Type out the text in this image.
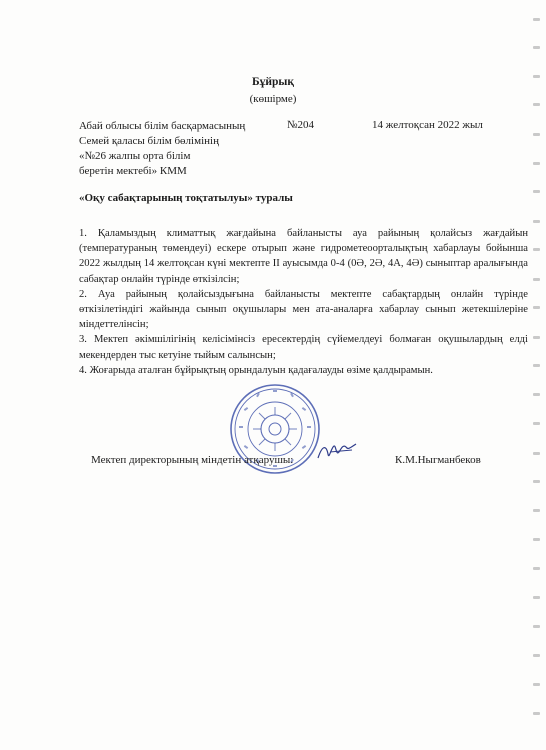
Бұйрық
(көшірме)
Абай облысы білім басқармасының
Семей қаласы білім бөлімінің
«№26 жалпы орта білім
беретін мектебі» КММ
№204	14 желтоқсан 2022 жыл
«Оқу сабақтарының тоқтатылуы» туралы

1. Қаламыздың климаттық жағдайына байланысты ауа райының қолайсыз жағдайын (температураның төмендеуі) ескере отырып және гидрометеоорталықтың хабарлауы бойынша 2022 жылдың 14 желтоқсан күні мектепте ІІ ауысымда 0-4 (0Ә, 2Ә, 4А, 4Ә) сыныптар аралығында сабақтар онлайн түрінде өткізілсін;

2. Ауа райының қолайсыздығына байланысты мектепте сабақтардың онлайн түрінде өткізілетіндігі жайында сынып оқушылары мен ата-аналарға хабарлау сынып жетекшілеріне міндеттелінсін;

3. Мектеп әкімшілігінің келісімінсіз ересектердің сүйемелдеуі болмаған оқушылардың елді мекендерден тыс кетуіне тыйым салынсын;

4. Жоғарыда аталған бұйрықтың орындалуын қадағалауды өзіме қалдырамын.

Мектеп директорының міндетін атқарушы:	К.М.Ныгманбеков
